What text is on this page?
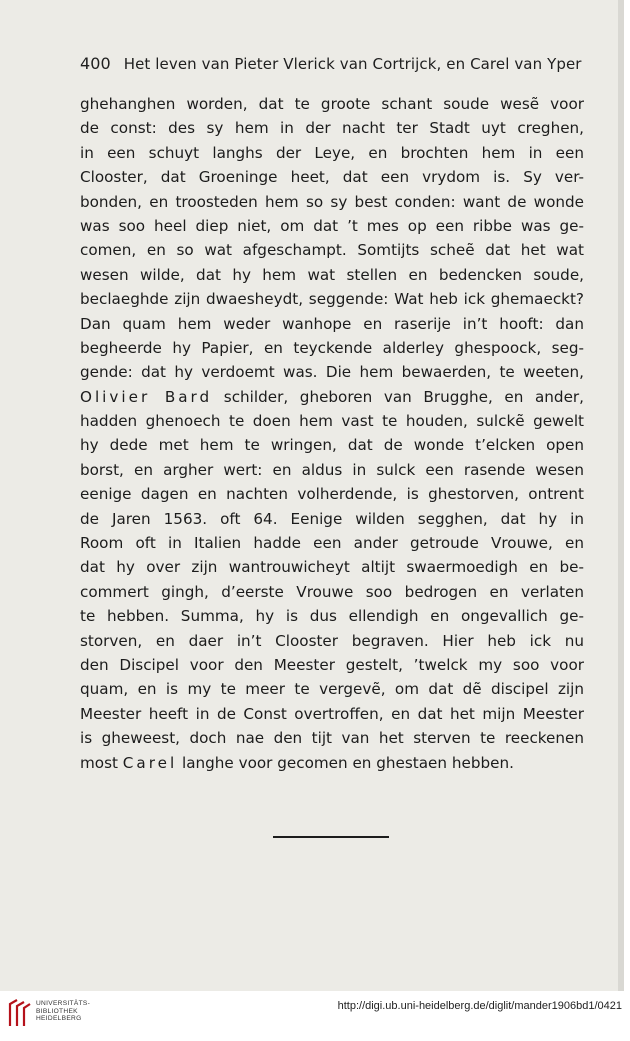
400 Het leven van Pieter Vlerick van Cortrijck, en Carel van Yper
ghehanghen worden, dat te groote schant soude wesẽ voor
de const: des sy hem in der nacht ter Stadt uyt creghen,
in een schuyt langhs der Leye, en brochten hem in een
Clooster, dat Groeninge heet, dat een vrydom is. Sy ver-
bonden, en troosteden hem so sy best conden: want de wonde
was soo heel diep niet, om dat ’t mes op een ribbe was ge-
comen, en so wat afgeschampt. Somtijts scheẽ dat het wat
wesen wilde, dat hy hem wat stellen en bedencken soude,
beclaeghde zijn dwaesheydt, seggende: Wat heb ick ghemaeckt?
Dan quam hem weder wanhope en raserije in’t hooft: dan
begheerde hy Papier, en teyckende alderley ghespoock, seg-
gende: dat hy verdoemt was. Die hem bewaerden, te weeten,
Olivier Bard schilder, gheboren van Brugghe, en ander,
hadden ghenoech te doen hem vast te houden, sulckẽ gewelt
hy dede met hem te wringen, dat de wonde t’elcken open
borst, en argher wert: en aldus in sulck een rasende wesen
eenige dagen en nachten volherdende, is ghestorven, ontrent
de Jaren 1563. oft 64. Eenige wilden segghen, dat hy in
Room oft in Italien hadde een ander getroude Vrouwe, en
dat hy over zijn wantrouwicheyt altijt swaermoedigh en be-
commert gingh, d’eerste Vrouwe soo bedrogen en verlaten
te hebben. Summa, hy is dus ellendigh en ongevallich ge-
storven, en daer in’t Clooster begraven. Hier heb ick nu
den Discipel voor den Meester gestelt, ’twelck my soo voor
quam, en is my te meer te vergevẽ, om dat dẽ discipel zijn
Meester heeft in de Const overtroffen, en dat het mijn Meester
is gheweest, doch nae den tijt van het sterven te reeckenen
most Carel langhe voor gecomen en ghestaen hebben.
UNIVERSITÄTS-
BIBLIOTHEK
HEIDELBERG
http://digi.ub.uni-heidelberg.de/diglit/mander1906bd1/0421
